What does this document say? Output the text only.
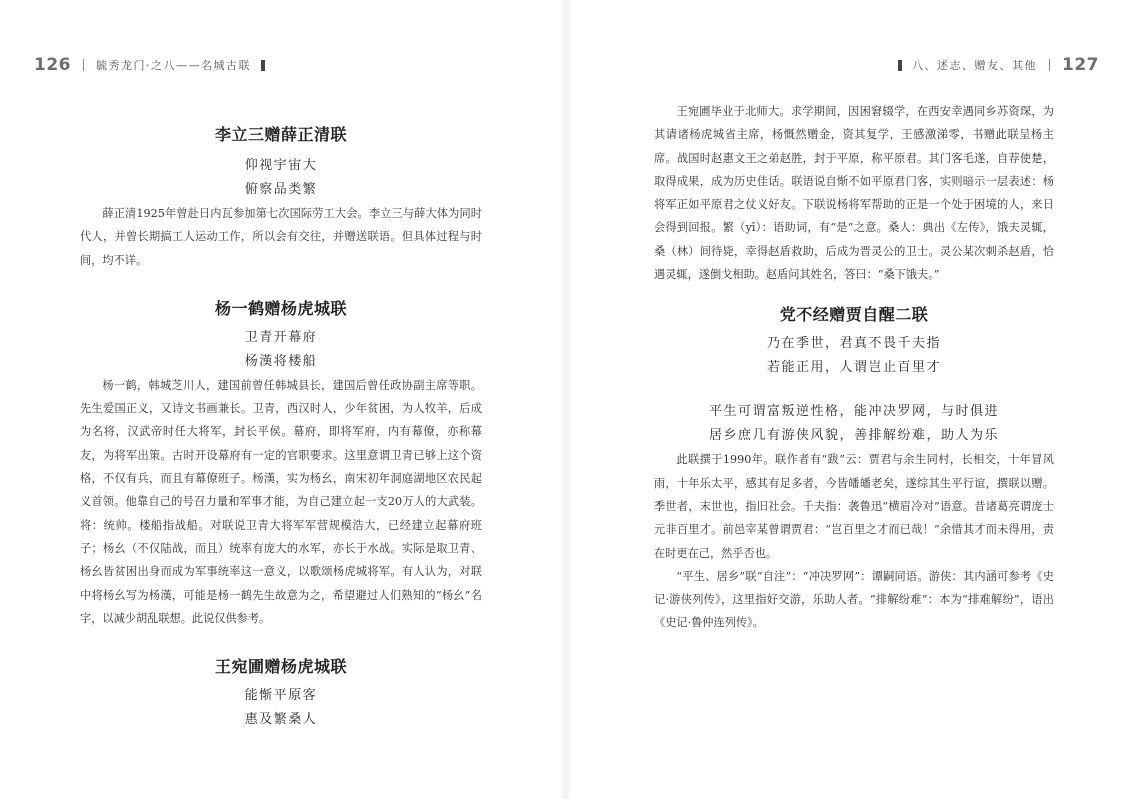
126 毓秀龙门·之八——名城古联

李立三赠薛正清联

仰视宇宙大

俯察品类繁

薛正清1925年曾赴日内瓦参加第七次国际劳工大会。李立三与薛大体为同时代人，并曾长期搞工人运动工作，所以会有交往，并赠送联语。但具体过程与时间，均不详。

杨一鹤赠杨虎城联

卫青开幕府

杨漢将楼船

杨一鹤，韩城芝川人，建国前曾任韩城县长，建国后曾任政协副主席等职。先生爱国正义，又诗文书画兼长。卫青，西汉时人，少年贫困，为人牧羊，后成为名将，汉武帝时任大将军，封长平侯。幕府，即将军府，内有幕僚，亦称幕友，为将军出策。古时开设幕府有一定的官职要求。这里意谓卫青已够上这个资格，不仅有兵，而且有幕僚班子。杨漢，实为杨幺，南宋初年洞庭湖地区农民起义首领。他靠自己的号召力量和军事才能，为自己建立起一支20万人的大武装。将：统帅。楼船指战船。对联说卫青大将军军营规模浩大，已经建立起幕府班子；杨幺（不仅陆战，而且）统率有庞大的水军，亦长于水战。实际是取卫青、杨幺皆贫困出身而成为军事统率这一意义，以歌颂杨虎城将军。有人认为，对联中将杨幺写为杨漢，可能是杨一鹤先生故意为之，希望避过人们熟知的“杨幺”名字，以减少胡乱联想。此说仅供参考。

王宛圃赠杨虎城联

能惭平原客

惠及繁桑人

八、述志、赠友、其他 127

王宛圃毕业于北师大。求学期间，因困窘辍学，在西安幸遇同乡苏资琛，为其请诸杨虎城省主席，杨慨然赠金，资其复学，王感激涕零，书赠此联呈杨主席。战国时赵惠文王之弟赵胜，封于平原，称平原君。其门客毛遂，自荐使楚，取得成果，成为历史佳话。联语说自惭不如平原君门客，实则暗示一层表述：杨将军正如平原君之仗义好友。下联说杨将军帮助的正是一个处于困境的人，来日会得到回报。繁（yī）：语助词，有“是”之意。桑人：典出《左传》，饿夫灵辄，桑（林）间待毙，幸得赵盾救助，后成为晋灵公的卫士。灵公某次刺杀赵盾，恰遇灵辄，遂倒戈相助。赵盾问其姓名，答曰：“桑下饿夫。”

党不经赠贾自醒二联

乃在季世，君真不畏千夫指

若能正用，人谓岂止百里才

平生可谓富叛逆性格，能冲决罗网，与时俱进

居乡庶几有游侠风貌，善排解纷难，助人为乐

此联撰于1990年。联作者有“跋”云：贾君与余生同村，长相交，十年冒风雨，十年乐太平，感其有足多者，今皆皤皤老矣，遂综其生平行谊，撰联以赠。季世者，末世也，指旧社会。千夫指：袭鲁迅“横眉冷对”语意。昔诸葛亮谓庞士元非百里才。前邑宰某曾谓贾君：“岂百里之才而已哉！”余惜其才而未得用，责在时更在己，然乎否也。

“平生、居乡”联“自注”：“冲决罗网”：谭嗣同语。游侠：其内涵可参考《史记·游侠列传》，这里指好交游，乐助人者。“排解纷难”：本为“排难解纷”，语出《史记·鲁仲连列传》。
